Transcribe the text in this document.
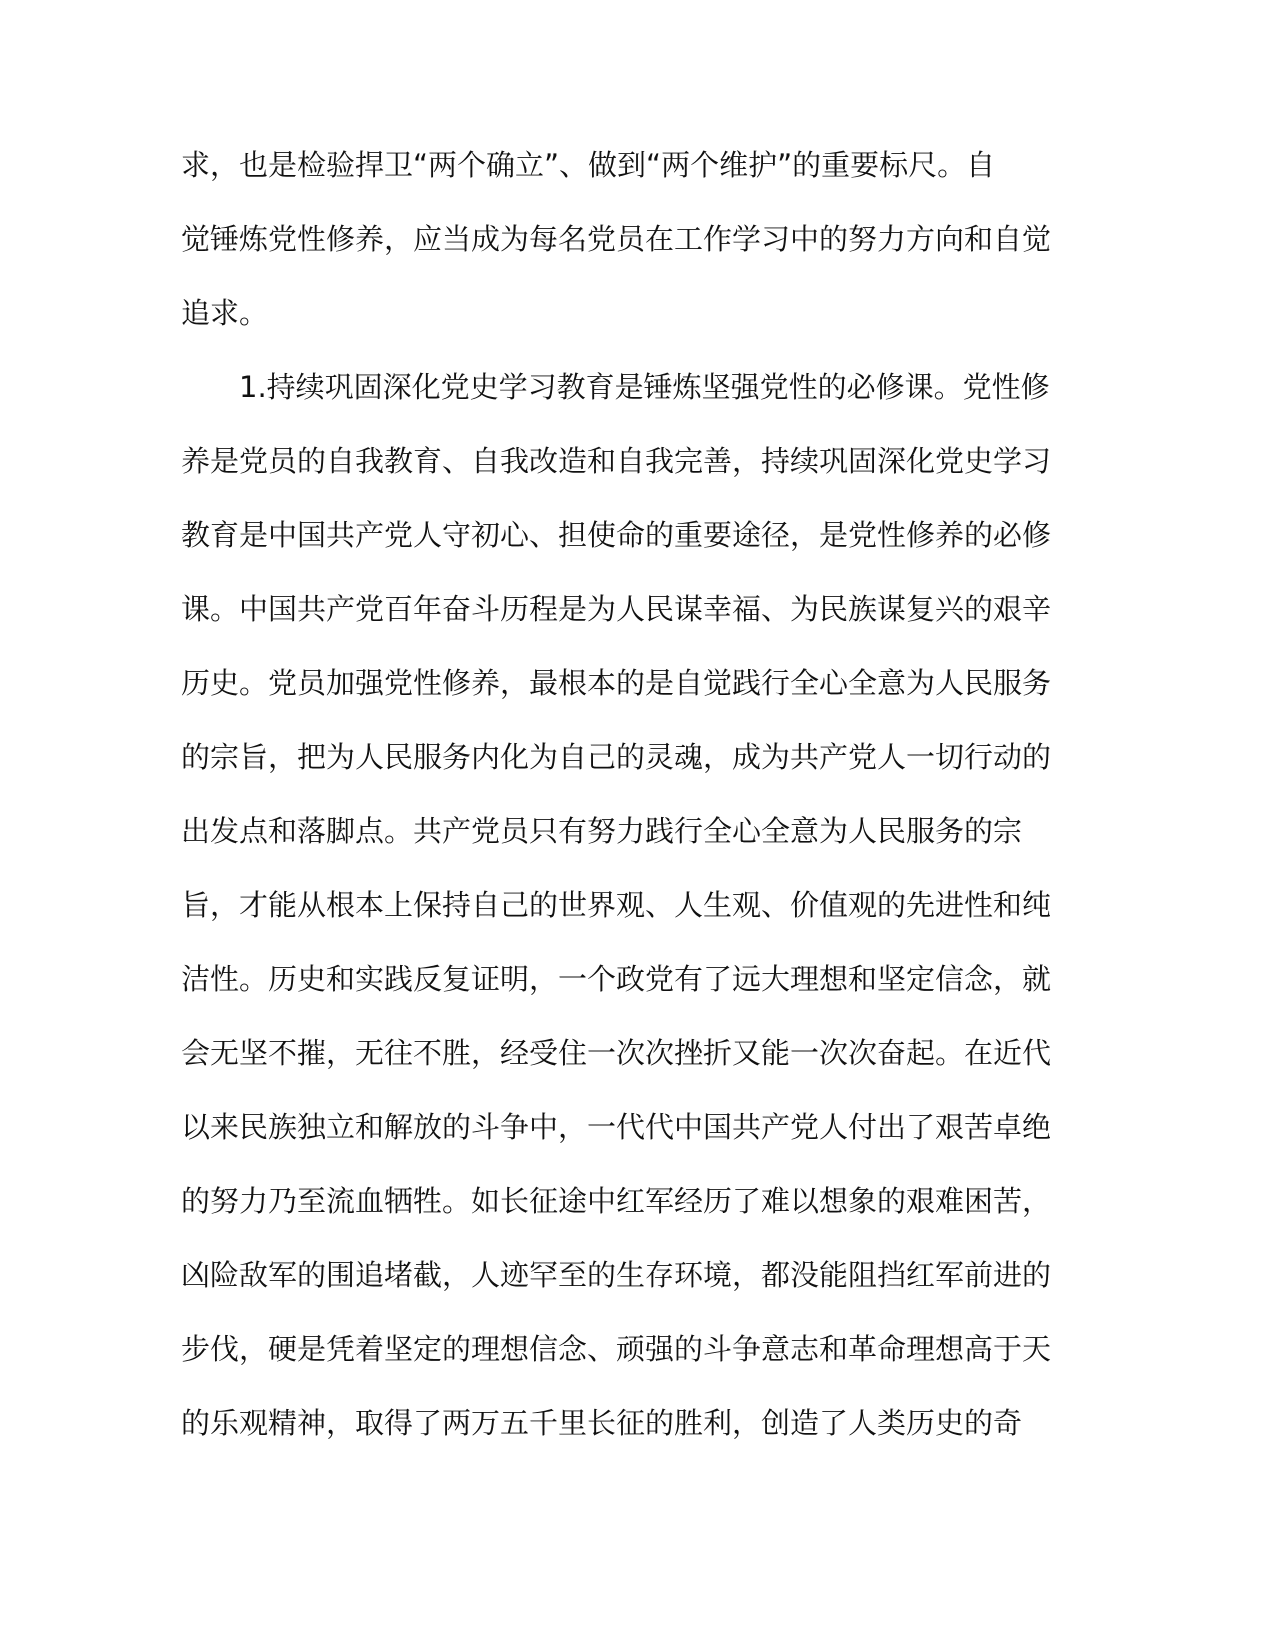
求，也是检验捍卫“两个确立”、做到“两个维护”的重要标尺。自
觉锤炼党性修养，应当成为每名党员在工作学习中的努力方向和自觉
追求。
1.持续巩固深化党史学习教育是锤炼坚强党性的必修课。党性修
养是党员的自我教育、自我改造和自我完善，持续巩固深化党史学习
教育是中国共产党人守初心、担使命的重要途径，是党性修养的必修
课。中国共产党百年奋斗历程是为人民谋幸福、为民族谋复兴的艰辛
历史。党员加强党性修养，最根本的是自觉践行全心全意为人民服务
的宗旨，把为人民服务内化为自己的灵魂，成为共产党人一切行动的
出发点和落脚点。共产党员只有努力践行全心全意为人民服务的宗
旨，才能从根本上保持自己的世界观、人生观、价值观的先进性和纯
洁性。历史和实践反复证明，一个政党有了远大理想和坚定信念，就
会无坚不摧，无往不胜，经受住一次次挫折又能一次次奋起。在近代
以来民族独立和解放的斗争中，一代代中国共产党人付出了艰苦卓绝
的努力乃至流血牺牲。如长征途中红军经历了难以想象的艰难困苦，
凶险敌军的围追堵截，人迹罕至的生存环境，都没能阻挡红军前进的
步伐，硬是凭着坚定的理想信念、顽强的斗争意志和革命理想高于天
的乐观精神，取得了两万五千里长征的胜利，创造了人类历史的奇
